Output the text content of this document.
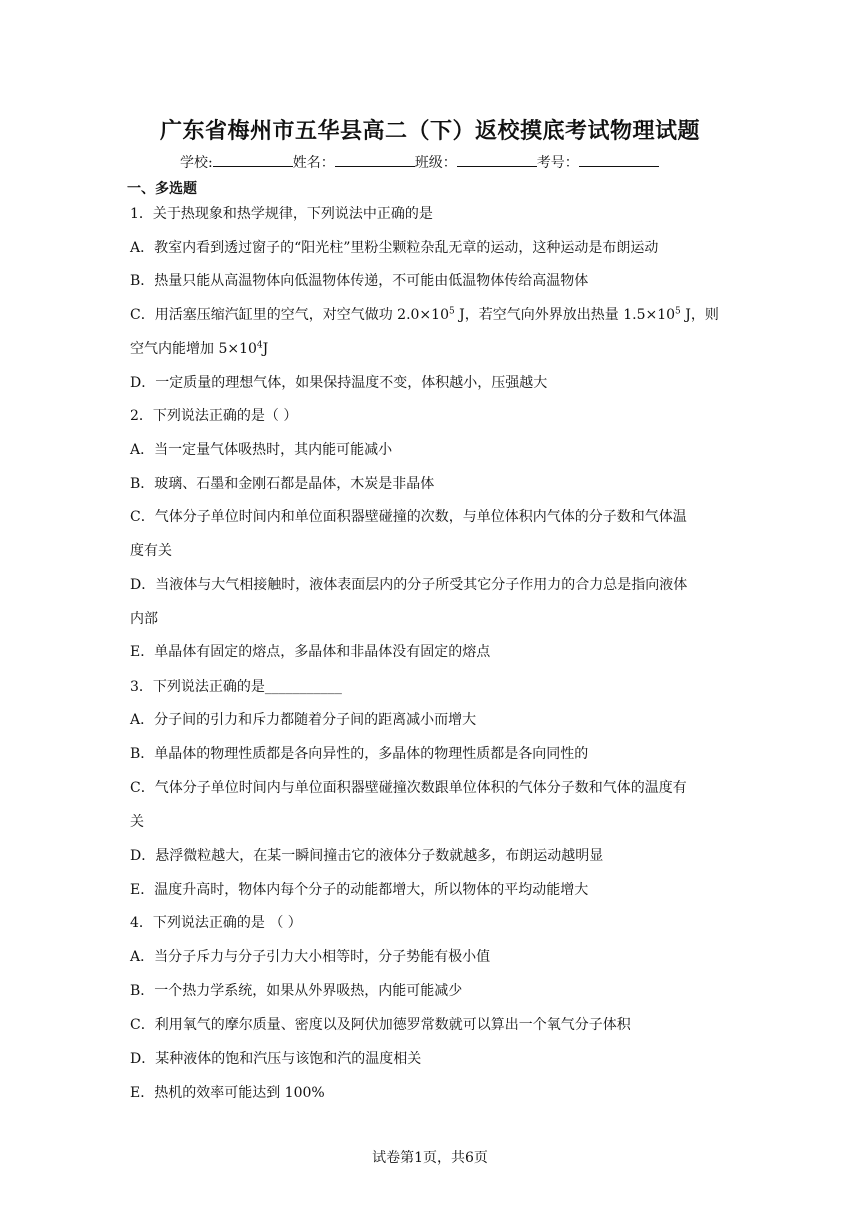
广东省梅州市五华县高二（下）返校摸底考试物理试题
学校:	姓名：	班级：	考号：
一、多选题
1．关于热现象和热学规律，下列说法中正确的是
A．教室内看到透过窗子的“阳光柱”里粉尘颗粒杂乱无章的运动，这种运动是布朗运动
B．热量只能从高温物体向低温物体传递，不可能由低温物体传给高温物体
C．用活塞压缩汽缸里的空气，对空气做功 $2.0\times 10^5$ J，若空气向外界放出热量 $1.5\times 10^5$ J，则
空气内能增加 $5\times 10^4J$
D．一定质量的理想气体，如果保持温度不变，体积越小，压强越大
2．下列说法正确的是（ ）
A．当一定量气体吸热时，其内能可能减小
B．玻璃、石墨和金刚石都是晶体，木炭是非晶体
C．气体分子单位时间内和单位面积器壁碰撞的次数，与单位体积内气体的分子数和气体温
度有关
D．当液体与大气相接触时，液体表面层内的分子所受其它分子作用力的合力总是指向液体
内部
E．单晶体有固定的熔点，多晶体和非晶体没有固定的熔点
3．下列说法正确的是___________
A．分子间的引力和斥力都随着分子间的距离减小而增大
B．单晶体的物理性质都是各向异性的，多晶体的物理性质都是各向同性的
C．气体分子单位时间内与单位面积器壁碰撞次数跟单位体积的气体分子数和气体的温度有
关
D．悬浮微粒越大，在某一瞬间撞击它的液体分子数就越多，布朗运动越明显
E．温度升高时，物体内每个分子的动能都增大，所以物体的平均动能增大
4．下列说法正确的是 （ ）
A．当分子斥力与分子引力大小相等时，分子势能有极小值
B．一个热力学系统，如果从外界吸热，内能可能减少
C．利用氧气的摩尔质量、密度以及阿伏加德罗常数就可以算出一个氧气分子体积
D．某种液体的饱和汽压与该饱和汽的温度相关
E．热机的效率可能达到 100%
试卷第1页，共6页
